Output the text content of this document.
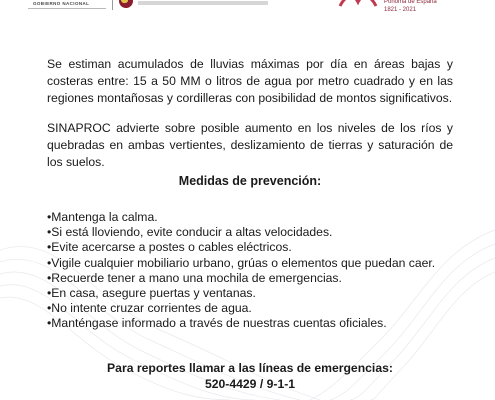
GOBIERNO NACIONAL	Ponoma de Espana
1821 - 2021

Se estiman acumulados de lluvias máximas por día en áreas bajas y costeras entre: 15 a 50 MM o litros de agua por metro cuadrado y en las regiones montañosas y cordilleras con posibilidad de montos significativos.

SINAPROC advierte sobre posible aumento en los niveles de los ríos y quebradas en ambas vertientes, deslizamiento de tierras y saturación de los suelos.

Medidas de prevención:
•Mantenga la calma.
•Si está lloviendo, evite conducir a altas velocidades.
•Evite acercarse a postes o cables eléctricos.
•Vigile cualquier mobiliario urbano, grúas o elementos que puedan caer.
•Recuerde tener a mano una mochila de emergencias.
•En casa, asegure puertas y ventanas.
•No intente cruzar corrientes de agua.
•Manténgase informado a través de nuestras cuentas oficiales.
Para reportes llamar a las líneas de emergencias:
520-4429 / 9-1-1
